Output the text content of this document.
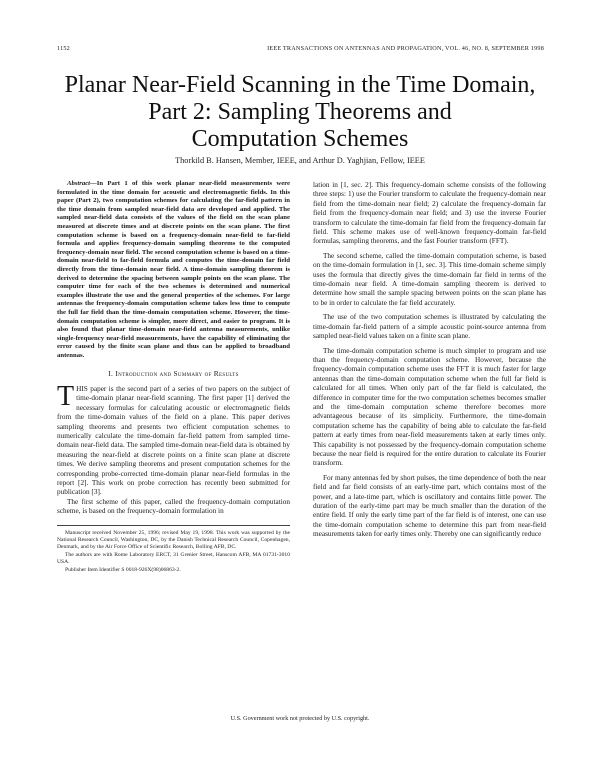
1152	IEEE TRANSACTIONS ON ANTENNAS AND PROPAGATION, VOL. 46, NO. 8, SEPTEMBER 1998
Planar Near-Field Scanning in the Time Domain,
Part 2: Sampling Theorems and
Computation Schemes
Thorkild B. Hansen, Member, IEEE, and Arthur D. Yaghjian, Fellow, IEEE

Abstract—In Part 1 of this work planar near-field measurements were formulated in the time domain for acoustic and electromagnetic fields. In this paper (Part 2), two computation schemes for calculating the far-field pattern in the time domain from sampled near-field data are developed and applied. The sampled near-field data consists of the values of the field on the scan plane measured at discrete times and at discrete points on the scan plane. The first computation scheme is based on a frequency-domain near-field to far-field formula and applies frequency-domain sampling theorems to the computed frequency-domain near field. The second computation scheme is based on a time-domain near-field to far-field formula and computes the time-domain far field directly from the time-domain near field. A time-domain sampling theorem is derived to determine the spacing between sample points on the scan plane. The computer time for each of the two schemes is determined and numerical examples illustrate the use and the general properties of the schemes. For large antennas the frequency-domain computation scheme takes less time to compute the full far field than the time-domain computation scheme. However, the time-domain computation scheme is simpler, more direct, and easier to program. It is also found that planar time-domain near-field antenna measurements, unlike single-frequency near-field measurements, have the capability of eliminating the error caused by the finite scan plane and thus can be applied to broadband antennas.

I. Introduction and Summary of Results

THIS paper is the second part of a series of two papers on the subject of time-domain planar near-field scanning. The first paper [1] derived the necessary formulas for calculating acoustic or electromagnetic fields from the time-domain values of the field on a plane. This paper derives sampling theorems and presents two efficient computation schemes to numerically calculate the time-domain far-field pattern from sampled time-domain near-field data. The sampled time-domain near-field data is obtained by measuring the near-field at discrete points on a finite scan plane at discrete times. We derive sampling theorems and present computation schemes for the corresponding probe-corrected time-domain planar near-field formulas in the report [2]. This work on probe correction has recently been submitted for publication [3].

The first scheme of this paper, called the frequency-domain computation scheme, is based on the frequency-domain formulation in

Manuscript received November 25, 1996; revised May 19, 1998. This work was supported by the National Research Council, Washington, DC, by the Danish Technical Research Council, Copenhagen, Denmark, and by the Air Force Office of Scientific Research, Bolling AFB, DC.

The authors are with Rome Laboratory ERCT, 31 Grenier Street, Hanscom AFB, MA 01731-3010 USA.

Publisher Item Identifier S 0018-926X(98)06863-2.

lation in [1, sec. 2]. This frequency-domain scheme consists of the following three steps: 1) use the Fourier transform to calculate the frequency-domain near field from the time-domain near field; 2) calculate the frequency-domain far field from the frequency-domain near field; and 3) use the inverse Fourier transform to calculate the time-domain far field from the frequency-domain far field. This scheme makes use of well-known frequency-domain far-field formulas, sampling theorems, and the fast Fourier transform (FFT).

The second scheme, called the time-domain computation scheme, is based on the time-domain formulation in [1, sec. 3]. This time-domain scheme simply uses the formula that directly gives the time-domain far field in terms of the time-domain near field. A time-domain sampling theorem is derived to determine how small the sample spacing between points on the scan plane has to be in order to calculate the far field accurately.

The use of the two computation schemes is illustrated by calculating the time-domain far-field pattern of a simple acoustic point-source antenna from sampled near-field values taken on a finite scan plane.

The time-domain computation scheme is much simpler to program and use than the frequency-domain computation scheme. However, because the frequency-domain computation scheme uses the FFT it is much faster for large antennas than the time-domain computation scheme when the full far field is calculated for all times. When only part of the far field is calculated, the difference in computer time for the two computation schemes becomes smaller and the time-domain computation scheme therefore becomes more advantageous because of its simplicity. Furthermore, the time-domain computation scheme has the capability of being able to calculate the far-field pattern at early times from near-field measurements taken at early times only. This capability is not possessed by the frequency-domain computation scheme because the near field is required for the entire duration to calculate its Fourier transform.

For many antennas fed by short pulses, the time dependence of both the near field and far field consists of an early-time part, which contains most of the power, and a late-time part, which is oscillatory and contains little power. The duration of the early-time part may be much smaller than the duration of the entire field. If only the early time part of the far field is of interest, one can use the time-domain computation scheme to determine this part from near-field measurements taken for early times only. Thereby one can significantly reduce

U.S. Government work not protected by U.S. copyright.
